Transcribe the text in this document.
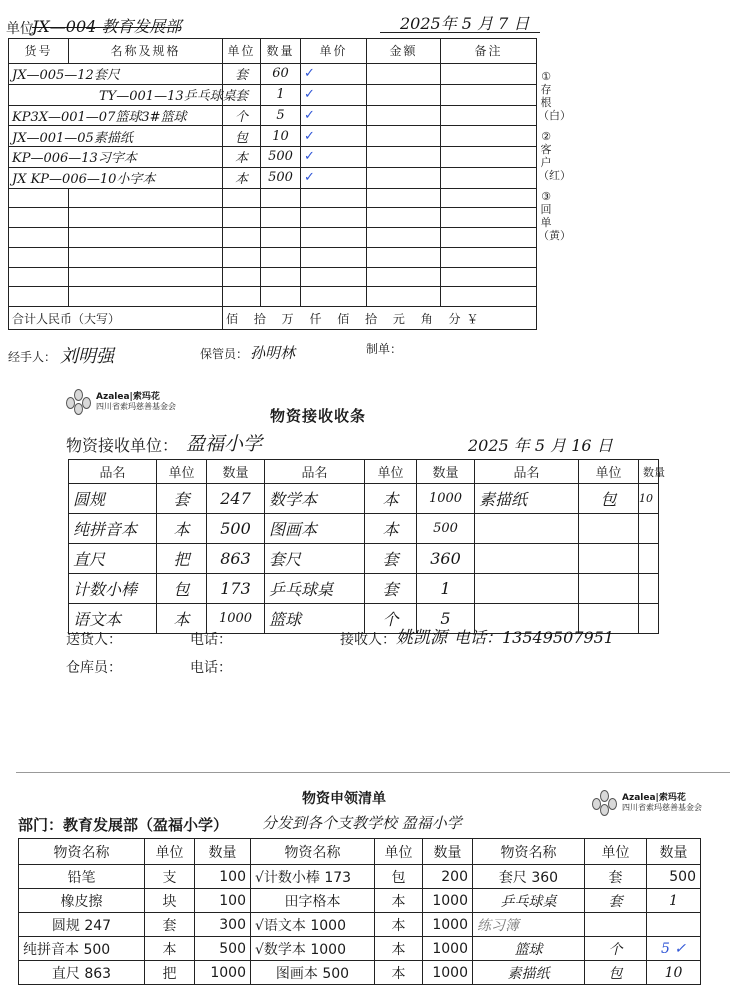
单位
JX—004 教育发展部	2025年 5 月 7 日
货号	名称及规格	单位	数量	单价	金额	备注
JX—005—12套尺		套	60	✓		
TY—001—13乒乓球桌		套	1	✓		
KP3X—001—07篮球3#篮球		个	5	✓		
JX—001—05素描纸		包	10	✓		
KP—006—13习字本		本	500	✓		
JX KP—006—10小字本		本	500	✓		

合计人民币（大写）		佰 拾 万 仟 佰 拾 元 角 分￥				
①存根（白）
②客户（红）
③回单（黄）
经手人： 刘明强	保管员： 孙明林	制单：
Azalea|索玛花
四川省索玛慈善基金会
物资接收收条
物资接收单位： 盈福小学	2025 年 5 月 16 日
品名	单位	数量	品名	单位	数量	品名	单位	数量
圆规	套	247	数学本	本	1000	素描纸	包	10
纯拼音本	本	500	图画本	本	500			
直尺	把	863	套尺	套	360			
计数小棒	包	173	乒乓球桌	套	1			
语文本	本	1000	篮球	个	5			
送货人：	电话：	接收人： 姚凯源 电话：13549507951
仓库员：	电话：
物资申领清单	Azalea|索玛花
四川省索玛慈善基金会
部门：教育发展部（盈福小学） 分发到各个支教学校 盈福小学
物资名称	单位	数量	物资名称	单位	数量	物资名称	单位	数量
铅笔	支	100	√计数小棒 173	包	200	套尺 360	套	500
橡皮擦	块	100	田字格本	本	1000	乒乓球桌	套	1
圆规 247	套	300	√语文本 1000	本	1000	练习簿		
纯拼音本 500	本	500	√数学本 1000	本	1000	篮球	个	5 ✓
直尺 863	把	1000	图画本 500	本	1000	素描纸	包	10
